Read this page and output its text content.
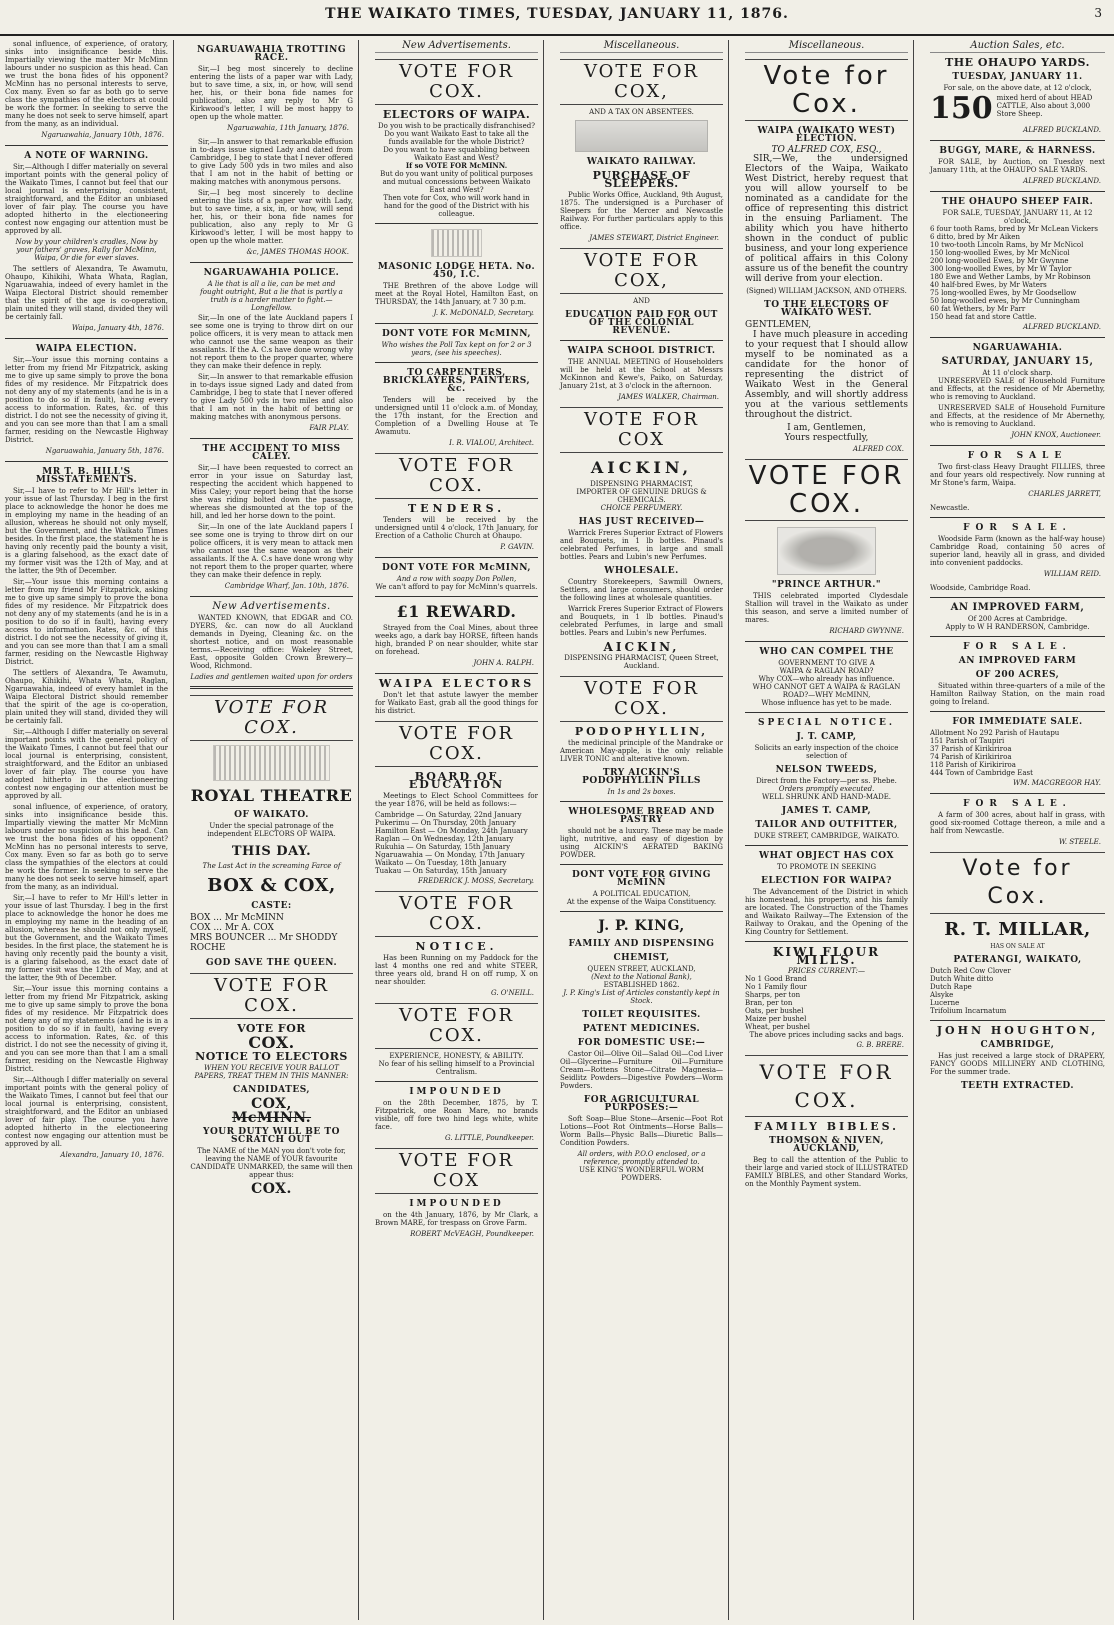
THE WAIKATO TIMES, TUESDAY, JANUARY 11, 1876.	3
sonal influence, of experience, of oratory, sinks into insignificance beside this. Impartially viewing the matter Mr McMinn labours under no suspicion as this head. Can we trust the bona fides of his opponent? McMinn has no personal interests to serve, Cox many. Even so far as both go to serve class the sympathies of the electors at could be work the former. In seeking to serve the many he does not seek to serve himself, apart from the many, as an individual.
Ngaruawahia, January 10th, 1876.
A NOTE OF WARNING.
Sir,—Although I differ materially on several important points with the general policy of the Waikato Times, I cannot but feel that our local journal is enterprising, consistent, straightforward, and the Editor an unbiased lover of fair play. The course you have adopted hitherto in the electioneering contest now engaging our attention must be approved by all.
Now by your children's cradles, Now by your fathers' graves, Rally for McMinn, Waipa, Or die for ever slaves.
The settlers of Alexandra, Te Awamutu, Ohaupo, Kihikihi, Whata Whata, Raglan, Ngaruawahia, indeed of every hamlet in the Waipa Electoral District should remember that the spirit of the age is co-operation, plain united they will stand, divided they will be certainly fall.
Waipa, January 4th, 1876.
WAIPA ELECTION.
Sir,—Your issue this morning contains a letter from my friend Mr Fitzpatrick, asking me to give up same simply to prove the bona fides of my residence. Mr Fitzpatrick does not deny any of my statements (and he is in a position to do so if in fault), having every access to information. Rates, &c. of this district. I do not see the necessity of giving it, and you can see more than that I am a small farmer, residing on the Newcastle Highway District.
Ngaruawahia, January 5th, 1876.
MR T. B. HILL'S MISSTATEMENTS.
Sir,—I have to refer to Mr Hill's letter in your issue of last Thursday. I beg in the first place to acknowledge the honor he does me in employing my name in the heading of an allusion, whereas he should not only myself, but the Government, and the Waikato Times besides. In the first place, the statement he is having only recently paid the bounty a visit, is a glaring falsehood, as the exact date of my former visit was the 12th of May, and at the latter, the 9th of December.
Sir,—Your issue this morning contains a letter from my friend Mr Fitzpatrick, asking me to give up same simply to prove the bona fides of my residence. Mr Fitzpatrick does not deny any of my statements (and he is in a position to do so if in fault), having every access to information. Rates, &c. of this district. I do not see the necessity of giving it, and you can see more than that I am a small farmer, residing on the Newcastle Highway District.
The settlers of Alexandra, Te Awamutu, Ohaupo, Kihikihi, Whata Whata, Raglan, Ngaruawahia, indeed of every hamlet in the Waipa Electoral District should remember that the spirit of the age is co-operation, plain united they will stand, divided they will be certainly fall.
Sir,—Although I differ materially on several important points with the general policy of the Waikato Times, I cannot but feel that our local journal is enterprising, consistent, straightforward, and the Editor an unbiased lover of fair play. The course you have adopted hitherto in the electioneering contest now engaging our attention must be approved by all.
sonal influence, of experience, of oratory, sinks into insignificance beside this. Impartially viewing the matter Mr McMinn labours under no suspicion as this head. Can we trust the bona fides of his opponent? McMinn has no personal interests to serve, Cox many. Even so far as both go to serve class the sympathies of the electors at could be work the former. In seeking to serve the many he does not seek to serve himself, apart from the many, as an individual.
Sir,—I have to refer to Mr Hill's letter in your issue of last Thursday. I beg in the first place to acknowledge the honor he does me in employing my name in the heading of an allusion, whereas he should not only myself, but the Government, and the Waikato Times besides. In the first place, the statement he is having only recently paid the bounty a visit, is a glaring falsehood, as the exact date of my former visit was the 12th of May, and at the latter, the 9th of December.
Sir,—Your issue this morning contains a letter from my friend Mr Fitzpatrick, asking me to give up same simply to prove the bona fides of my residence. Mr Fitzpatrick does not deny any of my statements (and he is in a position to do so if in fault), having every access to information. Rates, &c. of this district. I do not see the necessity of giving it, and you can see more than that I am a small farmer, residing on the Newcastle Highway District.
Sir,—Although I differ materially on several important points with the general policy of the Waikato Times, I cannot but feel that our local journal is enterprising, consistent, straightforward, and the Editor an unbiased lover of fair play. The course you have adopted hitherto in the electioneering contest now engaging our attention must be approved by all.
Alexandra, January 10, 1876.
NGARUAWAHIA TROTTING RACE.
Sir,—I beg most sincerely to decline entering the lists of a paper war with Lady, but to save time, a six, in, or how, will send her, his, or their bona fide names for publication, also any reply to Mr G Kirkwood's letter, I will be most happy to open up the whole matter.
Ngaruawahia, 11th January, 1876.
Sir,—In answer to that remarkable effusion in to-days issue signed Lady and dated from Cambridge, I beg to state that I never offered to give Lady 500 yds in two miles and also that I am not in the habit of betting or making matches with anonymous persons.
Sir,—I beg most sincerely to decline entering the lists of a paper war with Lady, but to save time, a six, in, or how, will send her, his, or their bona fide names for publication, also any reply to Mr G Kirkwood's letter, I will be most happy to open up the whole matter.
&c, JAMES THOMAS HOOK.
NGARUAWAHIA POLICE.
A lie that is all a lie, can be met and fought outright, But a lie that is partly a truth is a harder matter to fight.—Longfellow.
Sir,—In one of the late Auckland papers I see some one is trying to throw dirt on our police officers, it is very mean to attack men who cannot use the same weapon as their assailants. If the A. C.s have done wrong why not report them to the proper quarter, where they can make their defence in reply.
Sir,—In answer to that remarkable effusion in to-days issue signed Lady and dated from Cambridge, I beg to state that I never offered to give Lady 500 yds in two miles and also that I am not in the habit of betting or making matches with anonymous persons.
FAIR PLAY.
THE ACCIDENT TO MISS CALEY.
Sir,—I have been requested to correct an error in your issue on Saturday last, respecting the accident which happened to Miss Caley; your report being that the horse she was riding bolted down the passage, whereas she dismounted at the top of the hill, and led her horse down to the point.
Sir,—In one of the late Auckland papers I see some one is trying to throw dirt on our police officers, it is very mean to attack men who cannot use the same weapon as their assailants. If the A. C.s have done wrong why not report them to the proper quarter, where they can make their defence in reply.
Cambridge Wharf, Jan. 10th, 1876.
New Advertisements.
WANTED KNOWN, that EDGAR and CO. DYERS, &c. can now do all Auckland demands in Dyeing, Cleaning &c. on the shortest notice, and on most reasonable terms.—Receiving office: Wakeley Street, East, opposite Golden Crown Brewery—Wood, Richmond.
Ladies and gentlemen waited upon for orders
VOTE FOR COX.
ROYAL THEATRE
OF WAIKATO.
Under the special patronage of the independent ELECTORS OF WAIPA.
THIS DAY.
The Last Act in the screaming Farce of
BOX & COX,
CASTE:
BOX ... Mr McMINN
COX ... Mr A. COX
MRS BOUNCER ... Mr SHODDY ROCHE
GOD SAVE THE QUEEN.
VOTE FOR COX.
VOTE FOR
COX.
NOTICE TO ELECTORS
WHEN YOU RECEIVE YOUR BALLOT PAPERS, TREAT THEM IN THIS MANNER:
CANDIDATES,
COX,
McMINN.
YOUR DUTY WILL BE TO SCRATCH OUT
The NAME of the MAN you don't vote for, leaving the NAME of YOUR favourite CANDIDATE UNMARKED, the same will then appear thus:
COX.
New Advertisements.
VOTE FOR COX.
ELECTORS OF WAIPA.
Do you wish to be practically disfranchised?
Do you want Waikato East to take all the funds available for the whole District?
Do you want to have squabbling between Waikato East and West?
If so VOTE FOR McMINN.
But do you want unity of political purposes and mutual concessions between Waikato East and West?
Then vote for Cox, who will work hand in hand for the good of the District with his colleague.
MASONIC LODGE HETA. No. 450, I.C.
THE Brethren of the above Lodge will meet at the Royal Hotel, Hamilton East, on THURSDAY, the 14th January, at 7 30 p.m.
J. K. McDONALD, Secretary.
DONT VOTE FOR McMINN,
Who wishes the Poll Tax kept on for 2 or 3 years, (see his speeches).
TO CARPENTERS, BRICKLAYERS, PAINTERS, &c.
Tenders will be received by the undersigned until 11 o'clock a.m. of Monday, the 17th instant, for the Erection and Completion of a Dwelling House at Te Awamutu.
I. R. VIALOU, Architect.
VOTE FOR COX.
TENDERS.
Tenders will be received by the undersigned until 4 o'clock, 17th January, for Erection of a Catholic Church at Ohaupo.
P. GAVIN.
DONT VOTE FOR McMINN,
And a row with soapy Don Pollen,
We can't afford to pay for McMinn's quarrels.
£1 REWARD.
Strayed from the Coal Mines, about three weeks ago, a dark bay HORSE, fifteen hands high, branded P on near shoulder, white star on forehead.
JOHN A. RALPH.
WAIPA ELECTORS
Don't let that astute lawyer the member for Waikato East, grab all the good things for his district.
VOTE FOR COX.
BOARD OF EDUCATION
Meetings to Elect School Committees for the year 1876, will be held as follows:—
Cambridge — On Saturday, 22nd January
Pukerimu — On Thursday, 20th January
Hamilton East — On Monday, 24th January
Raglan — On Wednesday, 12th January
Rukuhia — On Saturday, 15th January
Ngaruawahia — On Monday, 17th January
Waikato — On Tuesday, 18th January
Tuakau — On Saturday, 15th January
FREDERICK J. MOSS, Secretary.
VOTE FOR COX.
NOTICE.
Has been Running on my Paddock for the last 4 months one red and white STEER, three years old, brand H on off rump, X on near shoulder.
G. O'NEILL.
VOTE FOR COX.
EXPERIENCE, HONESTY, & ABILITY.
No fear of his selling himself to a Provincial Centralism.
IMPOUNDED
on the 28th December, 1875, by T. Fitzpatrick, one Roan Mare, no brands visible, off fore two hind legs white, white face.
G. LITTLE, Poundkeeper.
VOTE FOR COX
IMPOUNDED
on the 4th January, 1876, by Mr Clark, a Brown MARE, for trespass on Grove Farm.
ROBERT McVEAGH, Poundkeeper.
Miscellaneous.
VOTE FOR COX,
AND A TAX ON ABSENTEES.
WAIKATO RAILWAY.
PURCHASE OF SLEEPERS.
Public Works Office, Auckland, 9th August, 1875. The undersigned is a Purchaser of Sleepers for the Mercer and Newcastle Railway. For further particulars apply to this office.
JAMES STEWART, District Engineer.
VOTE FOR COX,
AND
EDUCATION PAID FOR OUT OF THE COLONIAL REVENUE.
WAIPA SCHOOL DISTRICT.
THE ANNUAL MEETING of Householders will be held at the School at Messrs McKinnon and Kewe's, Paiko, on Saturday, January 21st, at 3 o'clock in the afternoon.
JAMES WALKER, Chairman.
VOTE FOR COX
AICKIN,
DISPENSING PHARMACIST,
IMPORTER OF GENUINE DRUGS & CHEMICALS.
CHOICE PERFUMERY.
HAS JUST RECEIVED—
Warrick Freres Superior Extract of Flowers and Bouquets, in 1 lb bottles. Pinaud's celebrated Perfumes, in large and small bottles. Pears and Lubin's new Perfumes.
WHOLESALE.
Country Storekeepers, Sawmill Owners, Settlers, and large consumers, should order the following lines at wholesale quantities.
Warrick Freres Superior Extract of Flowers and Bouquets, in 1 lb bottles. Pinaud's celebrated Perfumes, in large and small bottles. Pears and Lubin's new Perfumes.
AICKIN,
DISPENSING PHARMACIST, Queen Street, Auckland.
VOTE FOR COX.
PODOPHYLLIN,
the medicinal principle of the Mandrake or American May-apple, is the only reliable LIVER TONIC and alterative known.
TRY AICKIN'S PODOPHYLLIN PILLS
In 1s and 2s boxes.
WHOLESOME BREAD AND PASTRY
should not be a luxury. These may be made light, nutritive, and easy of digestion by using AICKIN'S AERATED BAKING POWDER.
DONT VOTE FOR GIVING McMINN
A POLITICAL EDUCATION,
At the expense of the Waipa Constituency.
J. P. KING,
FAMILY AND DISPENSING
CHEMIST,
QUEEN STREET, AUCKLAND,
(Next to the National Bank),
ESTABLISHED 1862.
J. P. King's List of Articles constantly kept in Stock.
TOILET REQUISITES.
PATENT MEDICINES.
FOR DOMESTIC USE:—
Castor Oil—Olive Oil—Salad Oil—Cod Liver Oil—Glycerine—Furniture Oil—Furniture Cream—Rottens Stone—Citrate Magnesia—Seidlitz Powders—Digestive Powders—Worm Powders.
FOR AGRICULTURAL PURPOSES:—
Soft Soap—Blue Stone—Arsenic—Foot Rot Lotions—Foot Rot Ointments—Horse Balls—Worm Balls—Physic Balls—Diuretic Balls—Condition Powders.
All orders, with P.O.O enclosed, or a reference, promptly attended to.
USE KING'S WONDERFUL WORM POWDERS.
Miscellaneous.
Vote for Cox.
WAIPA (WAIKATO WEST) ELECTION.
TO ALFRED COX, ESQ.,
SIR,—We, the undersigned Electors of the Waipa, Waikato West District, hereby request that you will allow yourself to be nominated as a candidate for the office of representing this district in the ensuing Parliament. The ability which you have hitherto shown in the conduct of public business, and your long experience of political affairs in this Colony assure us of the benefit the country will derive from your election.
(Signed) WILLIAM JACKSON, AND OTHERS.
TO THE ELECTORS OF WAIKATO WEST.
GENTLEMEN,
I have much pleasure in acceding to your request that I should allow myself to be nominated as a candidate for the honor of representing the district of Waikato West in the General Assembly, and will shortly address you at the various settlements throughout the district.
I am, Gentlemen,
Yours respectfully,
ALFRED COX.
VOTE FOR COX.
"PRINCE ARTHUR."
THIS celebrated imported Clydesdale Stallion will travel in the Waikato as under this season, and serve a limited number of mares.
RICHARD GWYNNE.
WHO CAN COMPEL THE
GOVERNMENT TO GIVE A
WAIPA & RAGLAN ROAD?
Why COX—who already has influence.
WHO CANNOT GET A WAIPA & RAGLAN ROAD?—WHY McMINN,
Whose influence has yet to be made.
SPECIAL NOTICE.
J. T. CAMP,
Solicits an early inspection of the choice selection of
NELSON TWEEDS,
Direct from the Factory—per ss. Phebe.
Orders promptly executed.
WELL SHRUNK AND HAND-MADE.
JAMES T. CAMP,
TAILOR AND OUTFITTER,
DUKE STREET, CAMBRIDGE, WAIKATO.
WHAT OBJECT HAS COX
TO PROMOTE IN SEEKING
ELECTION FOR WAIPA?
The Advancement of the District in which his homestead, his property, and his family are located. The Construction of the Thames and Waikato Railway—The Extension of the Railway to Orakau, and the Opening of the King Country for Settlement.
KIWI FLOUR MILLS.
PRICES CURRENT:—
No 1 Good Brand
No 1 Family flour
Sharps, per ton
Bran, per ton
Oats, per bushel
Maize per bushel
Wheat, per bushel
The above prices including sacks and bags.
G. B. BRERE.
VOTE FOR COX.
FAMILY BIBLES.
THOMSON & NIVEN, AUCKLAND,
Beg to call the attention of the Public to their large and varied stock of ILLUSTRATED FAMILY BIBLES, and other Standard Works, on the Monthly Payment system.
Auction Sales, etc.
THE OHAUPO YARDS.
TUESDAY, JANUARY 11.
For sale, on the above date, at 12 o'clock,
150 mixed herd of about HEAD CATTLE, Also about 3,000 Store Sheep.
ALFRED BUCKLAND.
BUGGY, MARE, & HARNESS.
FOR SALE, by Auction, on Tuesday next January 11th, at the OHAUPO SALE YARDS.
ALFRED BUCKLAND.
THE OHAUPO SHEEP FAIR.
FOR SALE, TUESDAY, JANUARY 11, At 12 o'clock,
6 four tooth Rams, bred by Mr McLean Vickers
6 ditto, bred by Mr Aiken
10 two-tooth Lincoln Rams, by Mr McNicol
150 long-woolled Ewes, by Mr McNicol
200 long-woolled Ewes, by Mr Gwynne
300 long-woolled Ewes, by Mr W Taylor
180 Ewe and Wether Lambs, by Mr Robinson
40 half-bred Ewes, by Mr Waters
75 long-woolled Ewes, by Mr Goodsellow
50 long-woolled ewes, by Mr Cunningham
60 fat Wethers, by Mr Parr
150 head fat and store Cattle.
ALFRED BUCKLAND.
NGARUAWAHIA.
SATURDAY, JANUARY 15,
At 11 o'clock sharp.
UNRESERVED SALE of Household Furniture and Effects, at the residence of Mr Abernethy, who is removing to Auckland.
UNRESERVED SALE of Household Furniture and Effects, at the residence of Mr Abernethy, who is removing to Auckland.
JOHN KNOX, Auctioneer.
FOR SALE
Two first-class Heavy Draught FILLIES, three and four years old respectively. Now running at Mr Stone's farm, Waipa.
CHARLES JARRETT,
Newcastle.
FOR SALE.
Woodside Farm (known as the half-way house) Cambridge Road, containing 50 acres of superior land, heavily all in grass, and divided into convenient paddocks.
WILLIAM REID.
Woodside, Cambridge Road.
AN IMPROVED FARM,
Of 200 Acres at Cambridge.
Apply to W H RANDERSON, Cambridge.
FOR SALE.
AN IMPROVED FARM
OF 200 ACRES,
Situated within three-quarters of a mile of the Hamilton Railway Station, on the main road going to Ireland.
FOR IMMEDIATE SALE.
Allotment No 292 Parish of Hautapu
151 Parish of Taupiri
37 Parish of Kirikiriroa
74 Parish of Kirikiriroa
118 Parish of Kirikiriroa
444 Town of Cambridge East
WM. MACGREGOR HAY.
FOR SALE.
A farm of 300 acres, about half in grass, with good six-roomed Cottage thereon, a mile and a half from Newcastle.
W. STEELE.
Vote for Cox.
R. T. MILLAR,
HAS ON SALE AT
PATERANGI, WAIKATO,
Dutch Red Cow Clover
Dutch White ditto
Dutch Rape
Alsyke
Lucerne
Trifolium Incarnatum
JOHN HOUGHTON,
CAMBRIDGE,
Has just received a large stock of DRAPERY, FANCY GOODS MILLINERY AND CLOTHING, For the summer trade.
TEETH EXTRACTED.
